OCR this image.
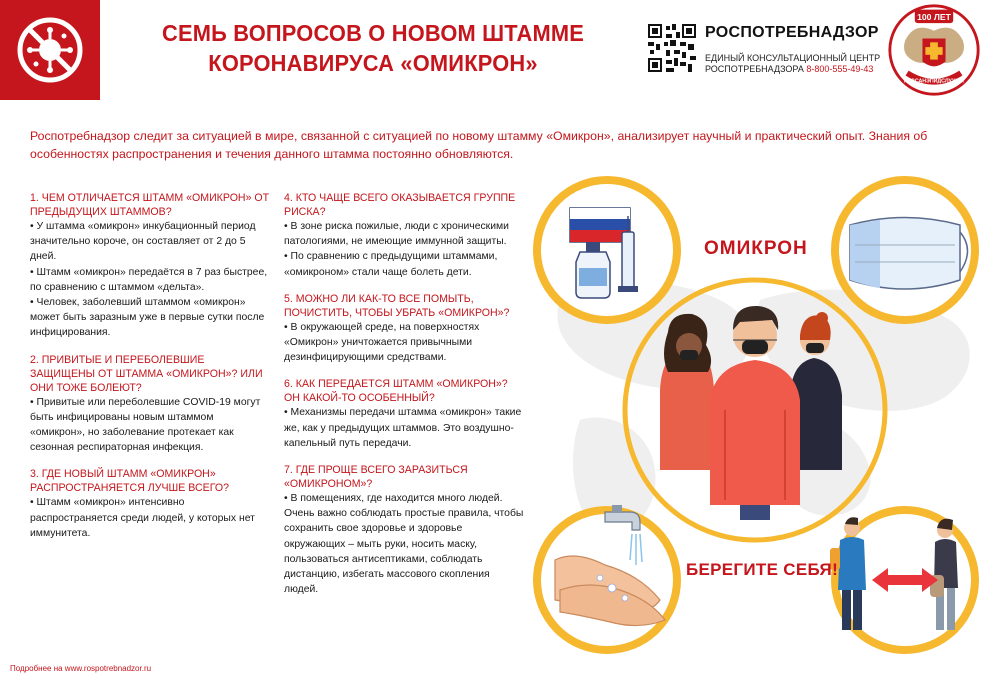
СЕМЬ ВОПРОСОВ О НОВОМ ШТАММЕ
КОРОНАВИРУСА «ОМИКРОН»
РОСПОТРЕБНАДЗОР
ЕДИНЫЙ КОНСУЛЬТАЦИОННЫЙ ЦЕНТР
РОСПОТРЕБНАДЗОРА 8-800-555-49-43
100 ЛЕТ
ГОССАНЭПИДСЛУЖБА
Роспотребнадзор следит за ситуацией в мире, связанной с ситуацией по новому штамму «Омикрон», анализирует научный и практический опыт. Знания об особенностях распространения и течения данного штамма постоянно обновляются.
1. ЧЕМ ОТЛИЧАЕТСЯ ШТАММ «ОМИКРОН» ОТ ПРЕДЫДУЩИХ ШТАММОВ?

• У штамма «омикрон» инкубационный период значительно короче, он составляет от 2 до 5 дней.

• Штамм «омикрон» передаётся в 7 раз быстрее, по сравнению с штаммом «дельта».

• Человек, заболевший штаммом «омикрон» может быть заразным уже в первые сутки после инфицирования.

2. ПРИВИТЫЕ И ПЕРЕБОЛЕВШИЕ ЗАЩИЩЕНЫ ОТ ШТАММА «ОМИКРОН»? ИЛИ ОНИ ТОЖЕ БОЛЕЮТ?

• Привитые или переболевшие COVID-19 могут быть инфицированы новым штаммом «омикрон», но заболевание протекает как сезонная респираторная инфекция.

3. ГДЕ НОВЫЙ ШТАММ «ОМИКРОН» РАСПРОСТРАНЯЕТСЯ ЛУЧШЕ ВСЕГО?

• Штамм «омикрон» интенсивно распространяется среди людей, у которых нет иммунитета.

4. КТО ЧАЩЕ ВСЕГО ОКАЗЫВАЕТСЯ ГРУППЕ РИСКА?

• В зоне риска пожилые, люди с хроническими патологиями, не имеющие иммунной защиты.

• По сравнению с предыдущими штаммами, «омикроном» стали чаще болеть дети.

5. МОЖНО ЛИ КАК-ТО ВСЕ ПОМЫТЬ, ПОЧИСТИТЬ, ЧТОБЫ УБРАТЬ «ОМИКРОН»?

• В окружающей среде, на поверхностях «Омикрон» уничтожается привычными дезинфицирующими средствами.

6. КАК ПЕРЕДАЕТСЯ ШТАММ «ОМИКРОН»? ОН КАКОЙ-ТО ОСОБЕННЫЙ?

• Механизмы передачи штамма «омикрон» такие же, как у предыдущих штаммов. Это воздушно-капельный путь передачи.

7. ГДЕ ПРОЩЕ ВСЕГО ЗАРАЗИТЬСЯ «ОМИКРОНОМ»?

• В помещениях, где находится много людей. Очень важно соблюдать простые правила, чтобы сохранить свое здоровье и здоровье окружающих – мыть руки, носить маску, пользоваться антисептиками, соблюдать дистанцию, избегать массового скопления людей.

ОМИКРОН
БЕРЕГИТЕ СЕБЯ!
Подробнее на www.rospotrebnadzor.ru
